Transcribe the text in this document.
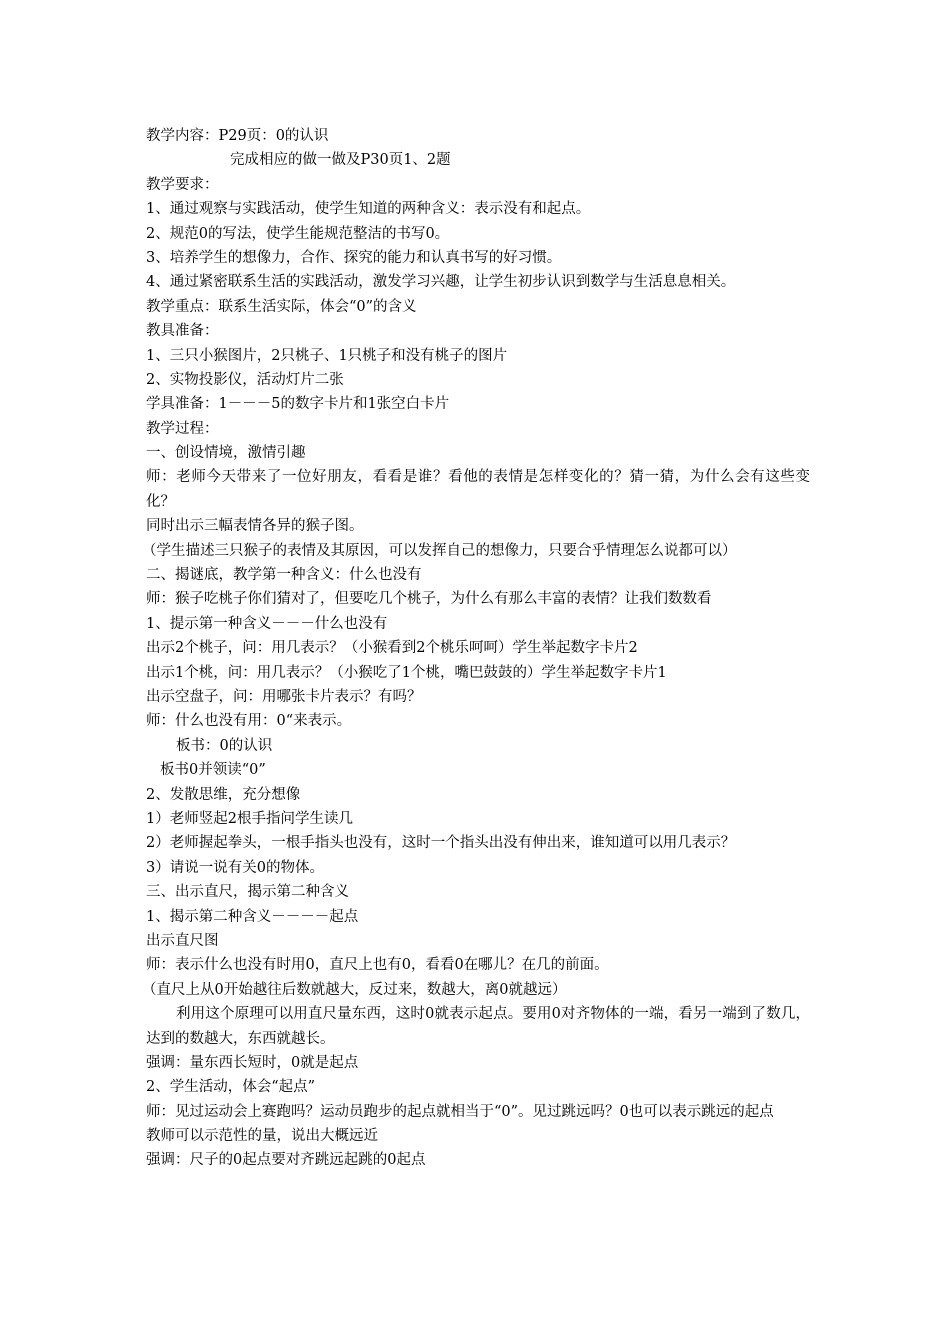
教学内容：P29页：0的认识
完成相应的做一做及P30页1、2题
教学要求：
1、通过观察与实践活动，使学生知道的两种含义：表示没有和起点。
2、规范0的写法，使学生能规范整洁的书写0。
3、培养学生的想像力，合作、探究的能力和认真书写的好习惯。
4、通过紧密联系生活的实践活动，激发学习兴趣，让学生初步认识到数学与生活息息相关。
教学重点：联系生活实际，体会“0”的含义
教具准备：
1、三只小猴图片，2只桃子、1只桃子和没有桃子的图片
2、实物投影仪，活动灯片二张
学具准备：1－－－5的数字卡片和1张空白卡片
教学过程：
一、创设情境，激情引趣
师：老师今天带来了一位好朋友，看看是谁？看他的表情是怎样变化的？猜一猜，为什么会有这些变化？
同时出示三幅表情各异的猴子图。
（学生描述三只猴子的表情及其原因，可以发挥自己的想像力，只要合乎情理怎么说都可以）
二、揭谜底，教学第一种含义：什么也没有
师：猴子吃桃子你们猜对了，但要吃几个桃子，为什么有那么丰富的表情？让我们数数看
1、提示第一种含义－－－什么也没有
出示2个桃子，问：用几表示？（小猴看到2个桃乐呵呵）学生举起数字卡片2
出示1个桃，问：用几表示？（小猴吃了1个桃，嘴巴鼓鼓的）学生举起数字卡片1
出示空盘子，问：用哪张卡片表示？有吗？
师：什么也没有用：0“来表示。
板书：0的认识
板书0并领读“0”
2、发散思维，充分想像
1）老师竖起2根手指问学生读几
2）老师握起拳头，一根手指头也没有，这时一个指头出没有伸出来，谁知道可以用几表示？
3）请说一说有关0的物体。
三、出示直尺，揭示第二种含义
1、揭示第二种含义－－－－起点
出示直尺图
师：表示什么也没有时用0，直尺上也有0，看看0在哪儿？在几的前面。
（直尺上从0开始越往后数就越大，反过来，数越大，离0就越远）
利用这个原理可以用直尺量东西，这时0就表示起点。要用0对齐物体的一端，看另一端到了数几，达到的数越大，东西就越长。
强调：量东西长短时，0就是起点
2、学生活动，体会“起点”
师：见过运动会上赛跑吗？运动员跑步的起点就相当于“0”。见过跳远吗？0也可以表示跳远的起点
教师可以示范性的量，说出大概远近
强调：尺子的0起点要对齐跳远起跳的0起点
